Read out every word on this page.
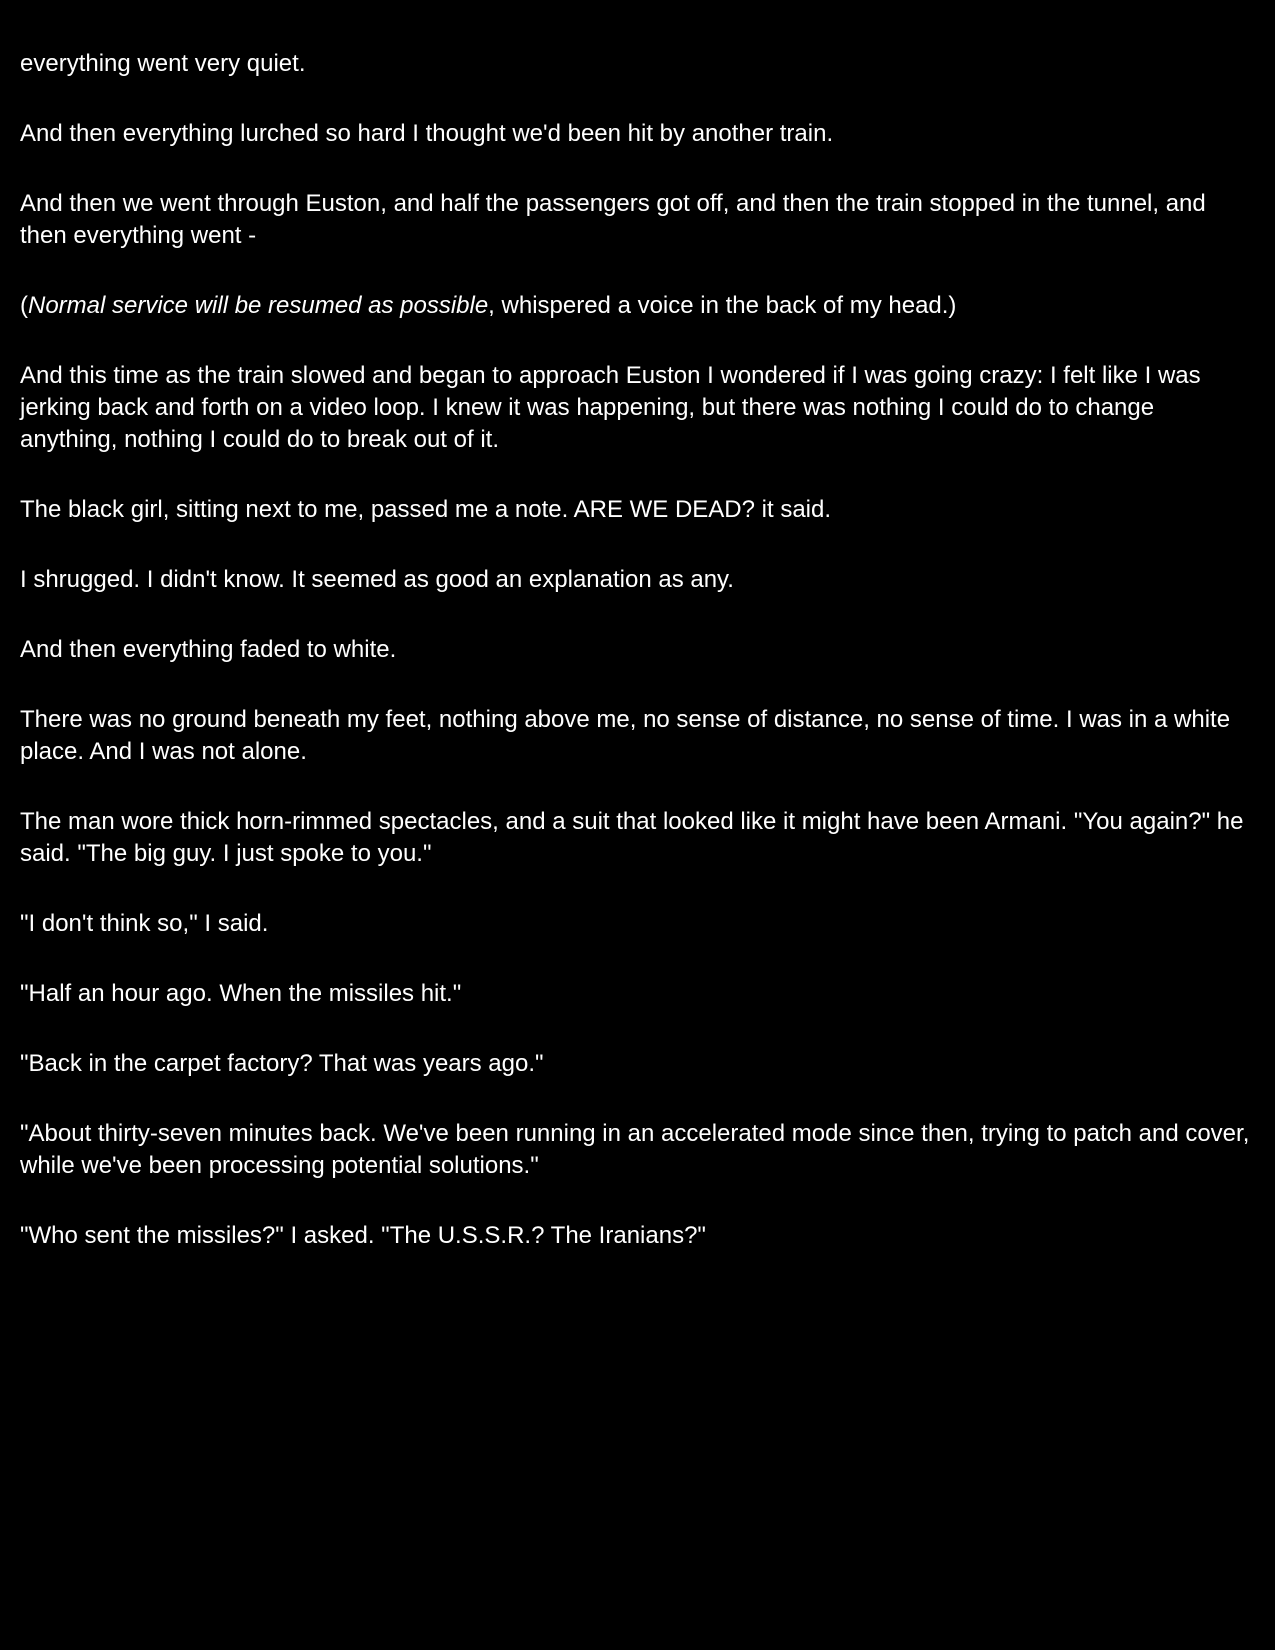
everything went very quiet.

And then everything lurched so hard I thought we'd been hit by another train.

And then we went through Euston, and half the passengers got off, and then the train stopped in the tunnel, and then everything went -

(Normal service will be resumed as possible, whispered a voice in the back of my head.)

And this time as the train slowed and began to approach Euston I wondered if I was going crazy: I felt like I was jerking back and forth on a video loop. I knew it was happening, but there was nothing I could do to change anything, nothing I could do to break out of it.

The black girl, sitting next to me, passed me a note. ARE WE DEAD? it said.

I shrugged. I didn't know. It seemed as good an explanation as any.

And then everything faded to white.

There was no ground beneath my feet, nothing above me, no sense of distance, no sense of time. I was in a white place. And I was not alone.

The man wore thick horn-rimmed spectacles, and a suit that looked like it might have been Armani. "You again?" he said. "The big guy. I just spoke to you."

"I don't think so," I said.

"Half an hour ago. When the missiles hit."

"Back in the carpet factory? That was years ago."

"About thirty-seven minutes back. We've been running in an accelerated mode since then, trying to patch and cover, while we've been processing potential solutions."

"Who sent the missiles?" I asked. "The U.S.S.R.? The Iranians?"
